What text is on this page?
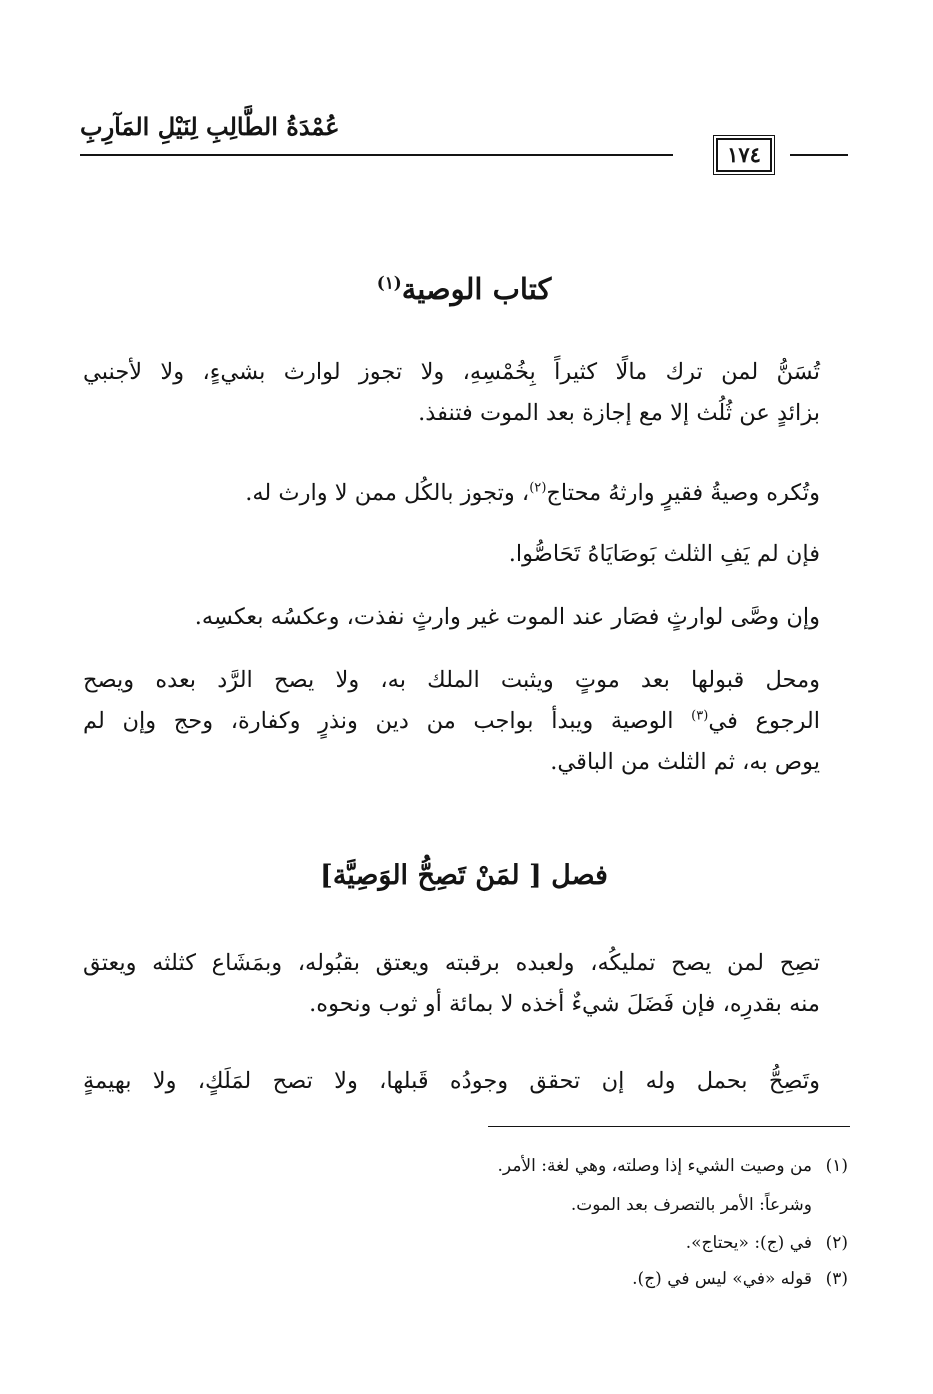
عُمْدَةُ الطَّالِبِ لِنَيْلِ المَآرِبِ
١٧٤
كتاب الوصية$^{(١)}$

تُسَنُّ لمن ترك مالًا كثيراً بِخُمْسِهِ، ولا تجوز لوارث بشيءٍ، ولا لأجنبي
بزائدٍ عن ثُلُث إلا مع إجازة بعد الموت فتنفذ.

وتُكره وصيةُ فقيرٍ وارثهُ محتاج$^{(٢)}$، وتجوز بالكُل ممن لا وارث له.

فإن لم يَفِ الثلث بَوصَايَاهُ تَحَاصُّوا.

وإن وصَّى لوارثٍ فصَار عند الموت غير وارثٍ نفذت، وعكسُه بعكسِه.

ومحل قبولها بعد موتٍ ويثبت الملك به، ولا يصح الرَّد بعده ويصح
الرجوع في$^{(٣)}$ الوصية ويبدأ بواجب من دين ونذرٍ وكفارة، وحج وإن لم
يوص به، ثم الثلث من الباقي.

فصل [ لمَنْ تَصِحُّ الوَصِيَّة]

تصِح لمن يصح تمليكُه، ولعبده برقبته ويعتق بقبُوله، وبمَشَاع كثلثه ويعتق
منه بقدرِه، فإن فَضَلَ شيءٌ أخذه لا بمائة أو ثوب ونحوه.

وتَصِحُّ بحمل وله إن تحقق وجودُه قَبلها، ولا تصح لمَلَكٍ، ولا بهيمةٍ

(١)من وصيت الشيء إذا وصلته، وهي لغة: الأمر.
وشرعاً: الأمر بالتصرف بعد الموت.
(٢)في (ج): «يحتاج».
(٣)قوله «في» ليس في (ج).
